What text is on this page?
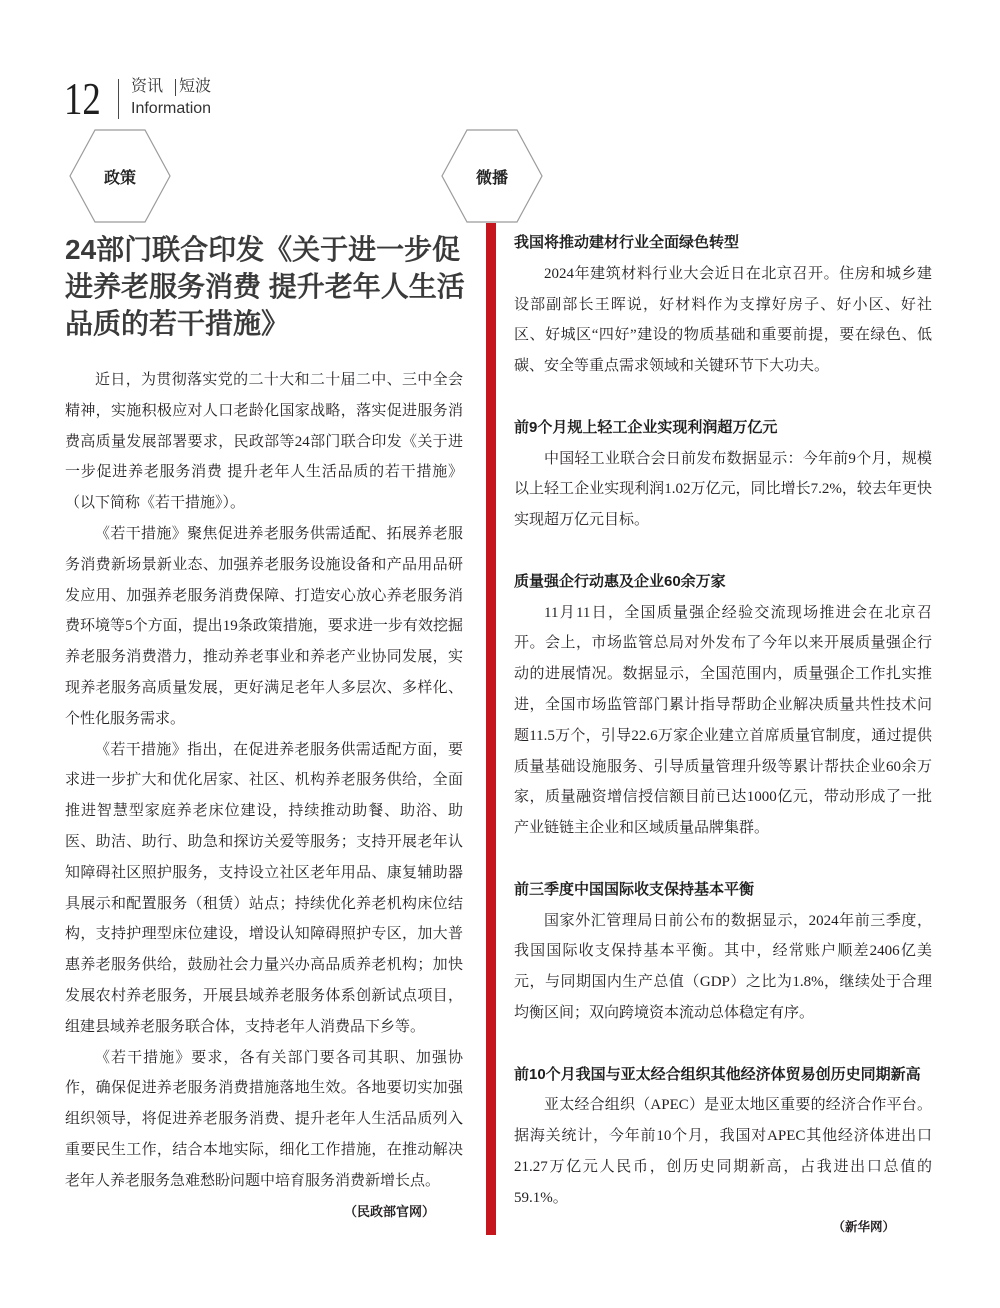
12 资讯 短波
Information
政策	微播
24部门联合印发《关于进一步促
进养老服务消费 提升老年人生活
品质的若干措施》

近日，为贯彻落实党的二十大和二十届二中、三中全会精神，实施积极应对人口老龄化国家战略，落实促进服务消费高质量发展部署要求，民政部等24部门联合印发《关于进一步促进养老服务消费 提升老年人生活品质的若干措施》（以下简称《若干措施》）。

《若干措施》聚焦促进养老服务供需适配、拓展养老服务消费新场景新业态、加强养老服务设施设备和产品用品研发应用、加强养老服务消费保障、打造安心放心养老服务消费环境等5个方面，提出19条政策措施，要求进一步有效挖掘养老服务消费潜力，推动养老事业和养老产业协同发展，实现养老服务高质量发展，更好满足老年人多层次、多样化、个性化服务需求。

《若干措施》指出，在促进养老服务供需适配方面，要求进一步扩大和优化居家、社区、机构养老服务供给，全面推进智慧型家庭养老床位建设，持续推动助餐、助浴、助医、助洁、助行、助急和探访关爱等服务；支持开展老年认知障碍社区照护服务，支持设立社区老年用品、康复辅助器具展示和配置服务（租赁）站点；持续优化养老机构床位结构，支持护理型床位建设，增设认知障碍照护专区，加大普惠养老服务供给，鼓励社会力量兴办高品质养老机构；加快发展农村养老服务，开展县域养老服务体系创新试点项目，组建县域养老服务联合体，支持老年人消费品下乡等。

《若干措施》要求，各有关部门要各司其职、加强协作，确保促进养老服务消费措施落地生效。各地要切实加强组织领导，将促进养老服务消费、提升老年人生活品质列入重要民生工作，结合本地实际，细化工作措施，在推动解决老年人养老服务急难愁盼问题中培育服务消费新增长点。

（民政部官网）
我国将推动建材行业全面绿色转型

2024年建筑材料行业大会近日在北京召开。住房和城乡建设部副部长王晖说，好材料作为支撑好房子、好小区、好社区、好城区“四好”建设的物质基础和重要前提，要在绿色、低碳、安全等重点需求领域和关键环节下大功夫。

前9个月规上轻工企业实现利润超万亿元

中国轻工业联合会日前发布数据显示：今年前9个月，规模以上轻工企业实现利润1.02万亿元，同比增长7.2%，较去年更快实现超万亿元目标。

质量强企行动惠及企业60余万家

11月11日，全国质量强企经验交流现场推进会在北京召开。会上，市场监管总局对外发布了今年以来开展质量强企行动的进展情况。数据显示，全国范围内，质量强企工作扎实推进，全国市场监管部门累计指导帮助企业解决质量共性技术问题11.5万个，引导22.6万家企业建立首席质量官制度，通过提供质量基础设施服务、引导质量管理升级等累计帮扶企业60余万家，质量融资增信授信额目前已达1000亿元，带动形成了一批产业链链主企业和区域质量品牌集群。

前三季度中国国际收支保持基本平衡

国家外汇管理局日前公布的数据显示，2024年前三季度，我国国际收支保持基本平衡。其中，经常账户顺差2406亿美元，与同期国内生产总值（GDP）之比为1.8%，继续处于合理均衡区间；双向跨境资本流动总体稳定有序。

前10个月我国与亚太经合组织其他经济体贸易创历史同期新高

亚太经合组织（APEC）是亚太地区重要的经济合作平台。据海关统计，今年前10个月，我国对APEC其他经济体进出口21.27万亿元人民币，创历史同期新高，占我进出口总值的59.1%。

（新华网）
